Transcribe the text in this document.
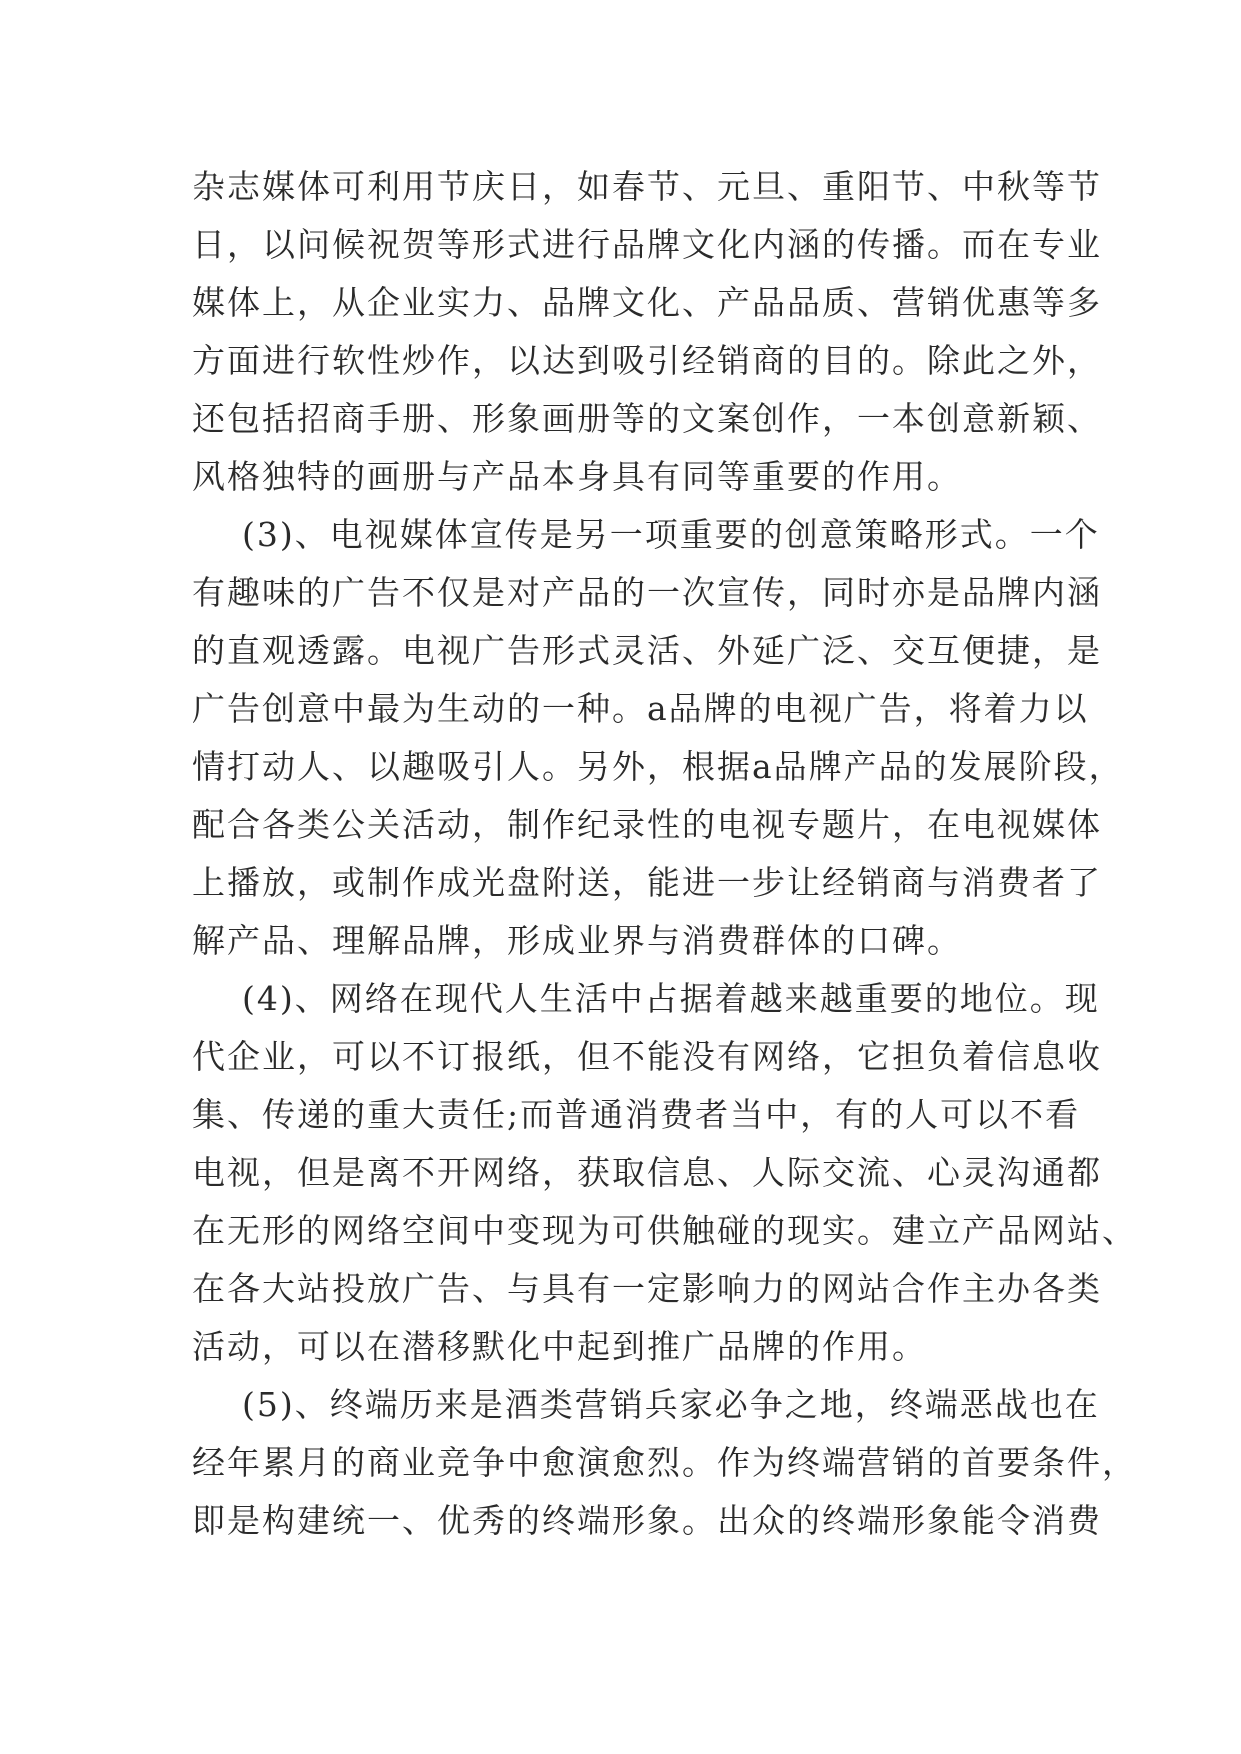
杂志媒体可利用节庆日，如春节、元旦、重阳节、中秋等节
日，以问候祝贺等形式进行品牌文化内涵的传播。而在专业
媒体上，从企业实力、品牌文化、产品品质、营销优惠等多
方面进行软性炒作，以达到吸引经销商的目的。除此之外，
还包括招商手册、形象画册等的文案创作，一本创意新颖、
风格独特的画册与产品本身具有同等重要的作用。
(3)、电视媒体宣传是另一项重要的创意策略形式。一个
有趣味的广告不仅是对产品的一次宣传，同时亦是品牌内涵
的直观透露。电视广告形式灵活、外延广泛、交互便捷，是
广告创意中最为生动的一种。a品牌的电视广告，将着力以
情打动人、以趣吸引人。另外，根据a品牌产品的发展阶段，
配合各类公关活动，制作纪录性的电视专题片，在电视媒体
上播放，或制作成光盘附送，能进一步让经销商与消费者了
解产品、理解品牌，形成业界与消费群体的口碑。
(4)、网络在现代人生活中占据着越来越重要的地位。现
代企业，可以不订报纸，但不能没有网络，它担负着信息收
集、传递的重大责任;而普通消费者当中，有的人可以不看
电视，但是离不开网络，获取信息、人际交流、心灵沟通都
在无形的网络空间中变现为可供触碰的现实。建立产品网站、
在各大站投放广告、与具有一定影响力的网站合作主办各类
活动，可以在潜移默化中起到推广品牌的作用。
(5)、终端历来是酒类营销兵家必争之地，终端恶战也在
经年累月的商业竞争中愈演愈烈。作为终端营销的首要条件，
即是构建统一、优秀的终端形象。出众的终端形象能令消费
